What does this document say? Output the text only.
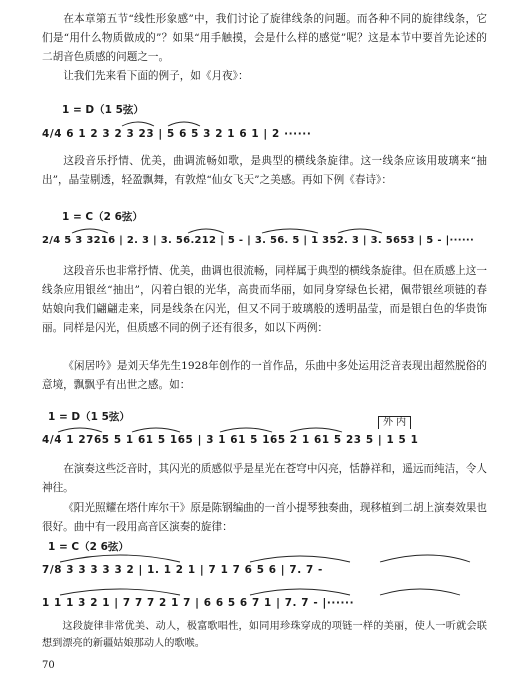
在本章第五节“线性形象感”中，我们讨论了旋律线条的问题。而各种不同的旋律线条，它们是“用什么物质做成的”？如果“用手触摸，会是什么样的感觉”呢？这是本节中要首先论述的二胡音色质感的问题之一。

让我们先来看下面的例子，如《月夜》：

1 = D（1 5弦）
4/4 6 1 2 3 2 3 23 | 5 6 5 3 2 1 6 1 | 2 ······

这段音乐抒情、优美，曲调流畅如歌，是典型的横线条旋律。这一线条应该用玻璃来“抽出”，晶莹剔透，轻盈飘舞，有敦煌“仙女飞天”之美感。再如下例《春诗》：

1 = C（2 6弦）
2/4 5 3 3216 | 2. 3 | 3. 56.212 | 5 - | 3. 56. 5 | 1 352. 3 | 3. 5653 | 5 - |······

这段音乐也非常抒情、优美，曲调也很流畅，同样属于典型的横线条旋律。但在质感上这一线条应用银丝“抽出”，闪着白银的光华，高贵而华丽，如同身穿绿色长裙，佩带银丝项链的春姑娘向我们翩翩走来，同是线条在闪光，但又不同于玻璃般的透明晶莹，而是银白色的华贵饰丽。同样是闪光，但质感不同的例子还有很多，如以下两例：

《闲居吟》是刘天华先生1928年创作的一首作品，乐曲中多处运用泛音表现出超然脱俗的意境，飘飘乎有出世之感。如：

1 = D（1 5弦）	外 内
4/4 1 2765 5 1 61 5 165 | 3 1 61 5 165 2 1 61 5 23 5 | 1 5 1

在演奏这些泛音时，其闪光的质感似乎是星光在苍穹中闪亮，恬静祥和，遥远而纯洁，令人神往。

《阳光照耀在塔什库尔干》原是陈钢编曲的一首小提琴独奏曲，现移植到二胡上演奏效果也很好。曲中有一段用高音区演奏的旋律：

1 = C（2 6弦）
7/8 3 3 3 3 3 2 | 1. 1 2 1 | 7 1 7 6 5 6 | 7. 7 -
1 1 1 3 2 1 | 7 7 7 2 1 7 | 6 6 5 6 7 1 | 7. 7 - |······

这段旋律非常优美、动人，极富歌唱性，如同用珍珠穿成的项链一样的美丽，使人一听就会联想到漂亮的新疆姑娘那动人的歌喉。

70
